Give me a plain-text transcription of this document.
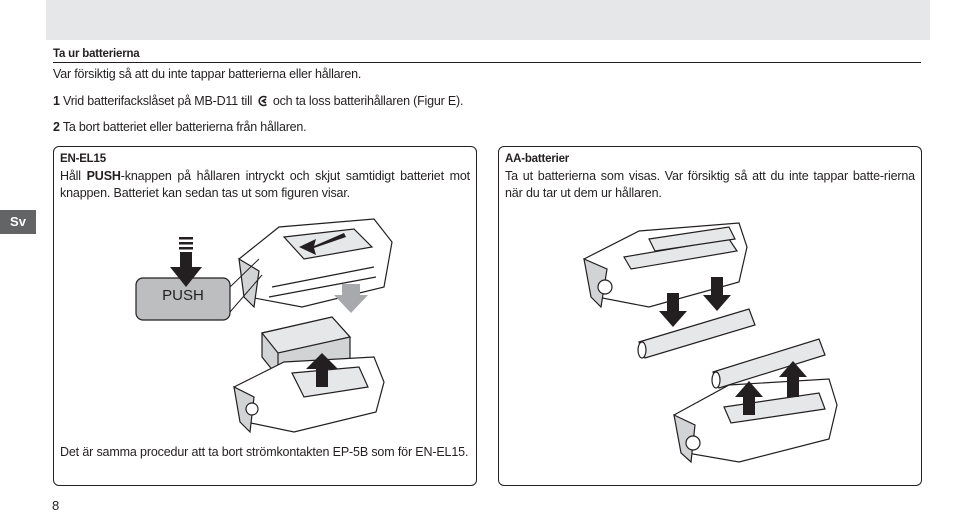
Ta ur batterierna
Var försiktig så att du inte tappar batterierna eller hållaren.
1 Vrid batterifackslåset på MB-D11 till och ta loss batterihållaren (Figur E).
2 Ta bort batteriet eller batterierna från hållaren.
Sv
EN-EL15
Håll PUSH-knappen på hållaren intryckt och skjut samtidigt batteriet mot knappen. Batteriet kan sedan tas ut som figuren visar.
PUSH
Det är samma procedur att ta bort strömkontakten EP-5B som för EN-EL15.
AA-batterier
Ta ut batterierna som visas. Var försiktig så att du inte tappar batte-rierna när du tar ut dem ur hållaren.
8
